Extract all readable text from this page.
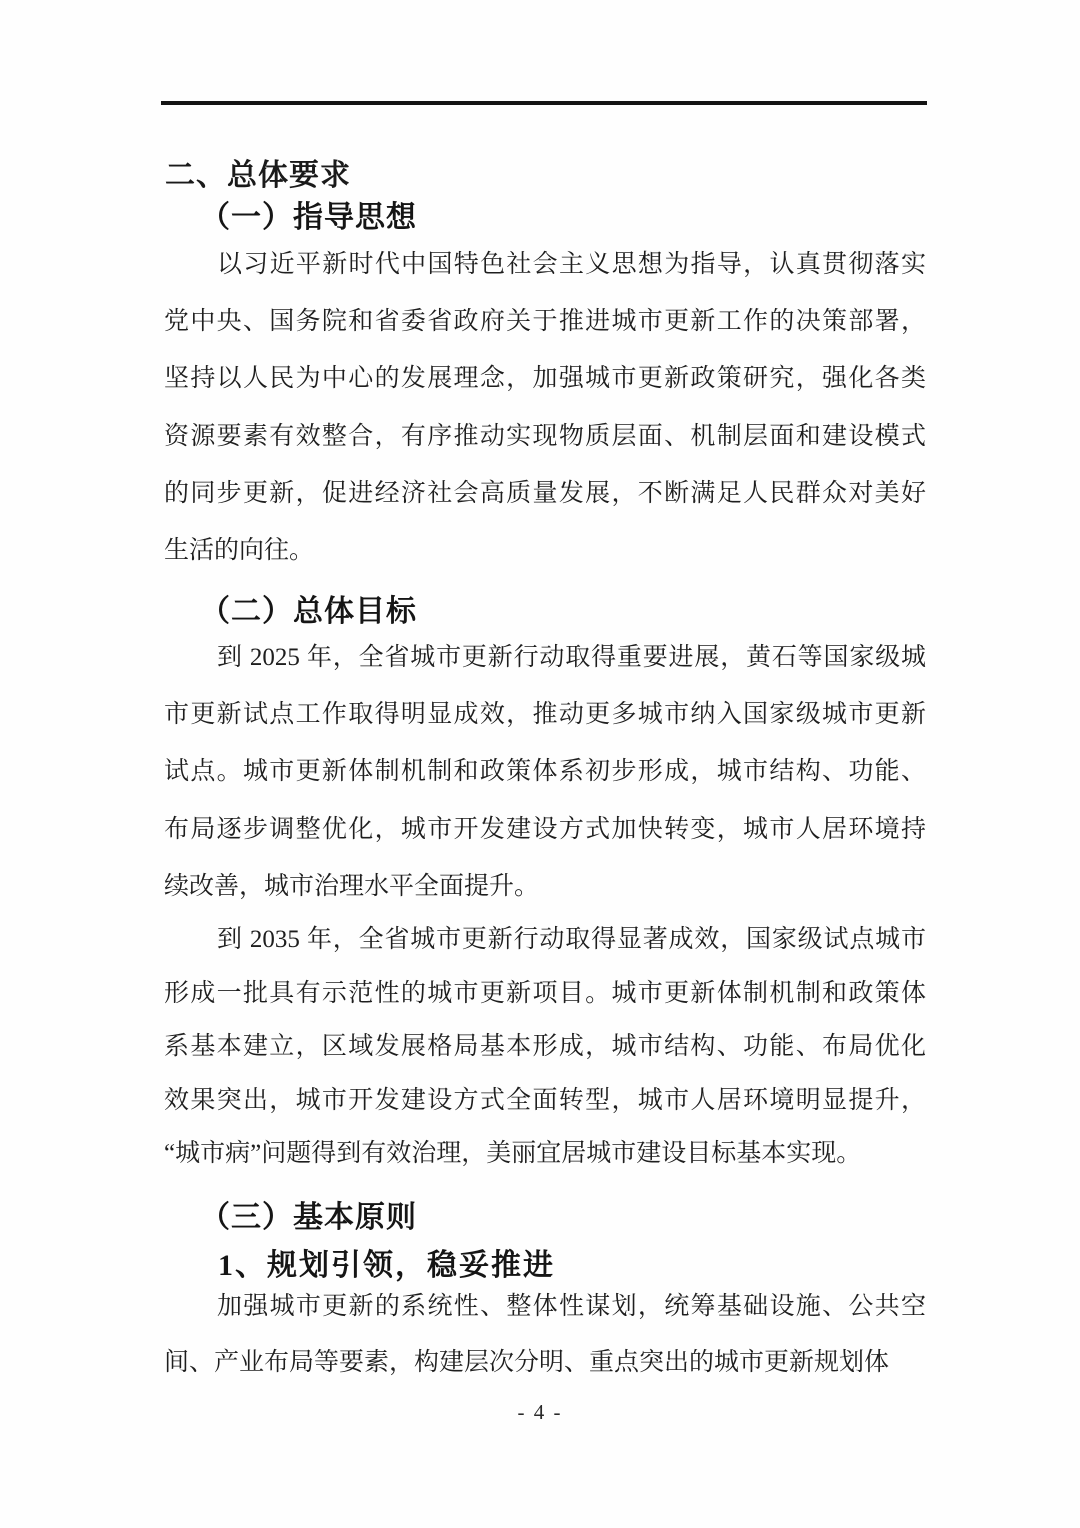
二、总体要求
（一）指导思想
以习近平新时代中国特色社会主义思想为指导，认真贯彻落实
党中央、国务院和省委省政府关于推进城市更新工作的决策部署，
坚持以人民为中心的发展理念，加强城市更新政策研究，强化各类
资源要素有效整合，有序推动实现物质层面、机制层面和建设模式
的同步更新，促进经济社会高质量发展，不断满足人民群众对美好
生活的向往。
（二）总体目标
到 2025 年，全省城市更新行动取得重要进展，黄石等国家级城
市更新试点工作取得明显成效，推动更多城市纳入国家级城市更新
试点。城市更新体制机制和政策体系初步形成，城市结构、功能、
布局逐步调整优化，城市开发建设方式加快转变，城市人居环境持
续改善，城市治理水平全面提升。
到 2035 年，全省城市更新行动取得显著成效，国家级试点城市
形成一批具有示范性的城市更新项目。城市更新体制机制和政策体
系基本建立，区域发展格局基本形成，城市结构、功能、布局优化
效果突出，城市开发建设方式全面转型，城市人居环境明显提升，
“城市病”问题得到有效治理，美丽宜居城市建设目标基本实现。
（三）基本原则
1、规划引领，稳妥推进
加强城市更新的系统性、整体性谋划，统筹基础设施、公共空
间、产业布局等要素，构建层次分明、重点突出的城市更新规划体
- 4 -
